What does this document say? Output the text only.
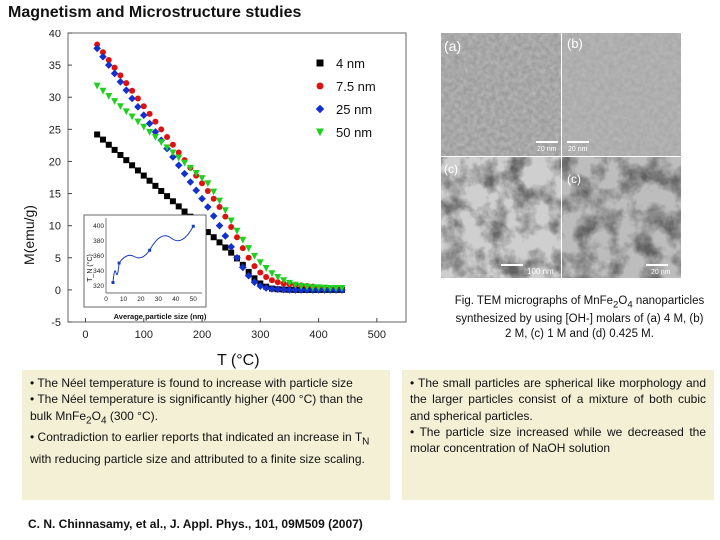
Magnetism and Microstructure studies
-5
0
5
10
15
20
25
30
35
40
0	100	200	300	400	500
M(emu/g)
4 nm
7.5 nm
25 nm
50 nm
320
340
360
380
400
0 10 20 30 40 50
T_N (°C)
Average particle size (nm)
T (°C)
(a)	(b)
(c)
(c)
20 nm 20 nm
100 nm	20 nm
Fig. TEM micrographs of $MnFe_2O_4$ nanoparticles synthesized by using [OH-] molars of (a) 4 M, (b) 2 M, (c) 1 M and (d) 0.425 M.

• The Néel temperature is found to increase with particle size

• The Néel temperature is significantly higher (400 °C) than the bulk $MnFe_2O_4$ (300 °C).

• Contradiction to earlier reports that indicated an increase in $T_N$ with reducing particle size and attributed to a finite size scaling.

• The small particles are spherical like morphology and the larger particles consist of a mixture of both cubic and spherical particles.

• The particle size increased while we decreased the molar concentration of NaOH solution

C. N. Chinnasamy, et al., J. Appl. Phys., 101, 09M509 (2007)
